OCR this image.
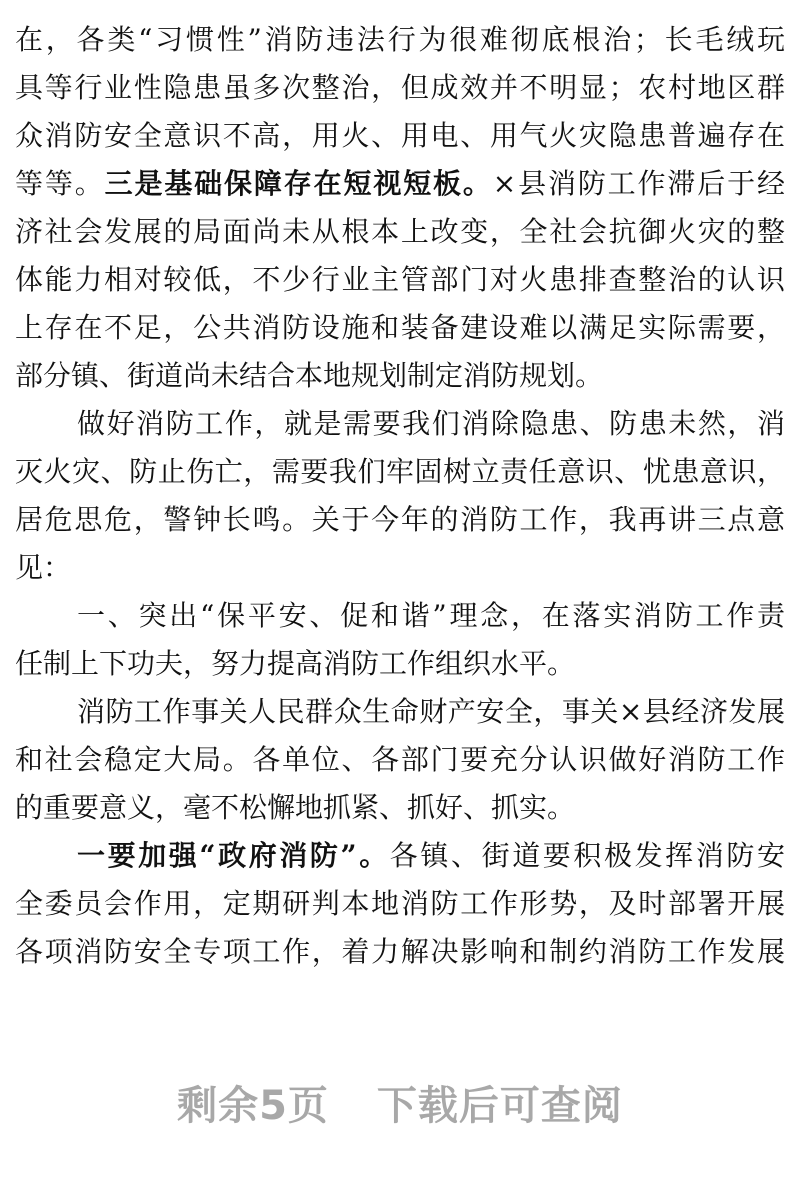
在，各类“习惯性”消防违法行为很难彻底根治；长毛绒玩
具等行业性隐患虽多次整治，但成效并不明显；农村地区群
众消防安全意识不高，用火、用电、用气火灾隐患普遍存在
等等。三是基础保障存在短视短板。×县消防工作滞后于经
济社会发展的局面尚未从根本上改变，全社会抗御火灾的整
体能力相对较低，不少行业主管部门对火患排查整治的认识
上存在不足，公共消防设施和装备建设难以满足实际需要，
部分镇、街道尚未结合本地规划制定消防规划。
做好消防工作，就是需要我们消除隐患、防患未然，消
灭火灾、防止伤亡，需要我们牢固树立责任意识、忧患意识，
居危思危，警钟长鸣。关于今年的消防工作，我再讲三点意
见：
一、突出“保平安、促和谐”理念，在落实消防工作责
任制上下功夫，努力提高消防工作组织水平。
消防工作事关人民群众生命财产安全，事关×县经济发展
和社会稳定大局。各单位、各部门要充分认识做好消防工作
的重要意义，毫不松懈地抓紧、抓好、抓实。
一要加强“政府消防”。各镇、街道要积极发挥消防安
全委员会作用，定期研判本地消防工作形势，及时部署开展
各项消防安全专项工作，着力解决影响和制约消防工作发展
剩余5页 下载后可查阅
